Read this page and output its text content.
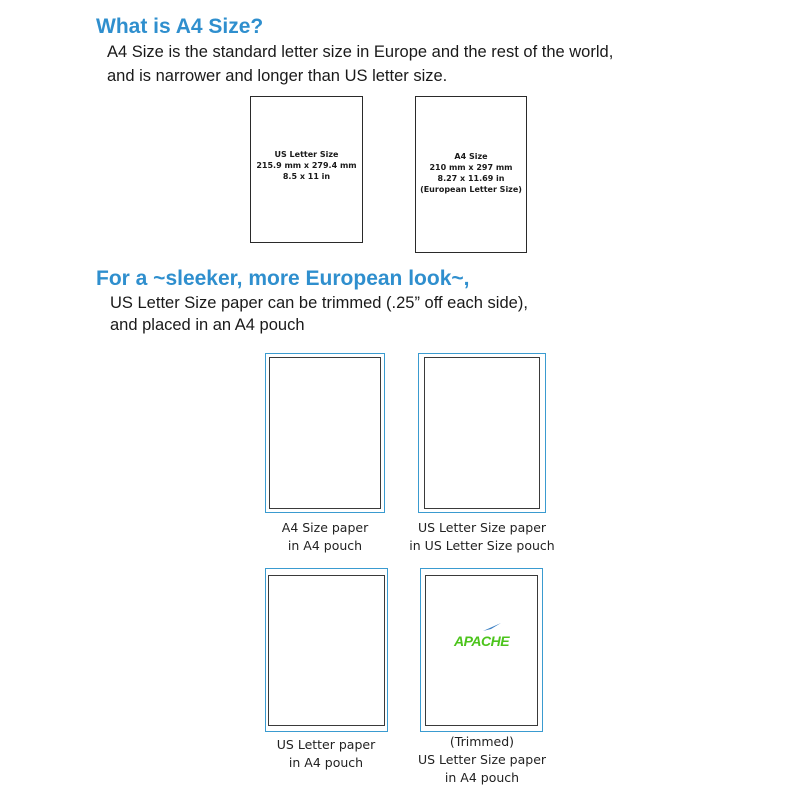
What is A4 Size?

A4 Size is the standard letter size in Europe and the rest of the world,

and is narrower and longer than US letter size.

US Letter Size
215.9 mm x 279.4 mm
8.5 x 11 in
A4 Size
210 mm x 297 mm
8.27 x 11.69 in
(European Letter Size)
For a ~sleeker, more European look~,

US Letter Size paper can be trimmed (.25” off each side),

and placed in an A4 pouch

A4 Size paper
in A4 pouch
US Letter Size paper
in US Letter Size pouch
US Letter paper
in A4 pouch
APACHE
(Trimmed)
US Letter Size paper
in A4 pouch
